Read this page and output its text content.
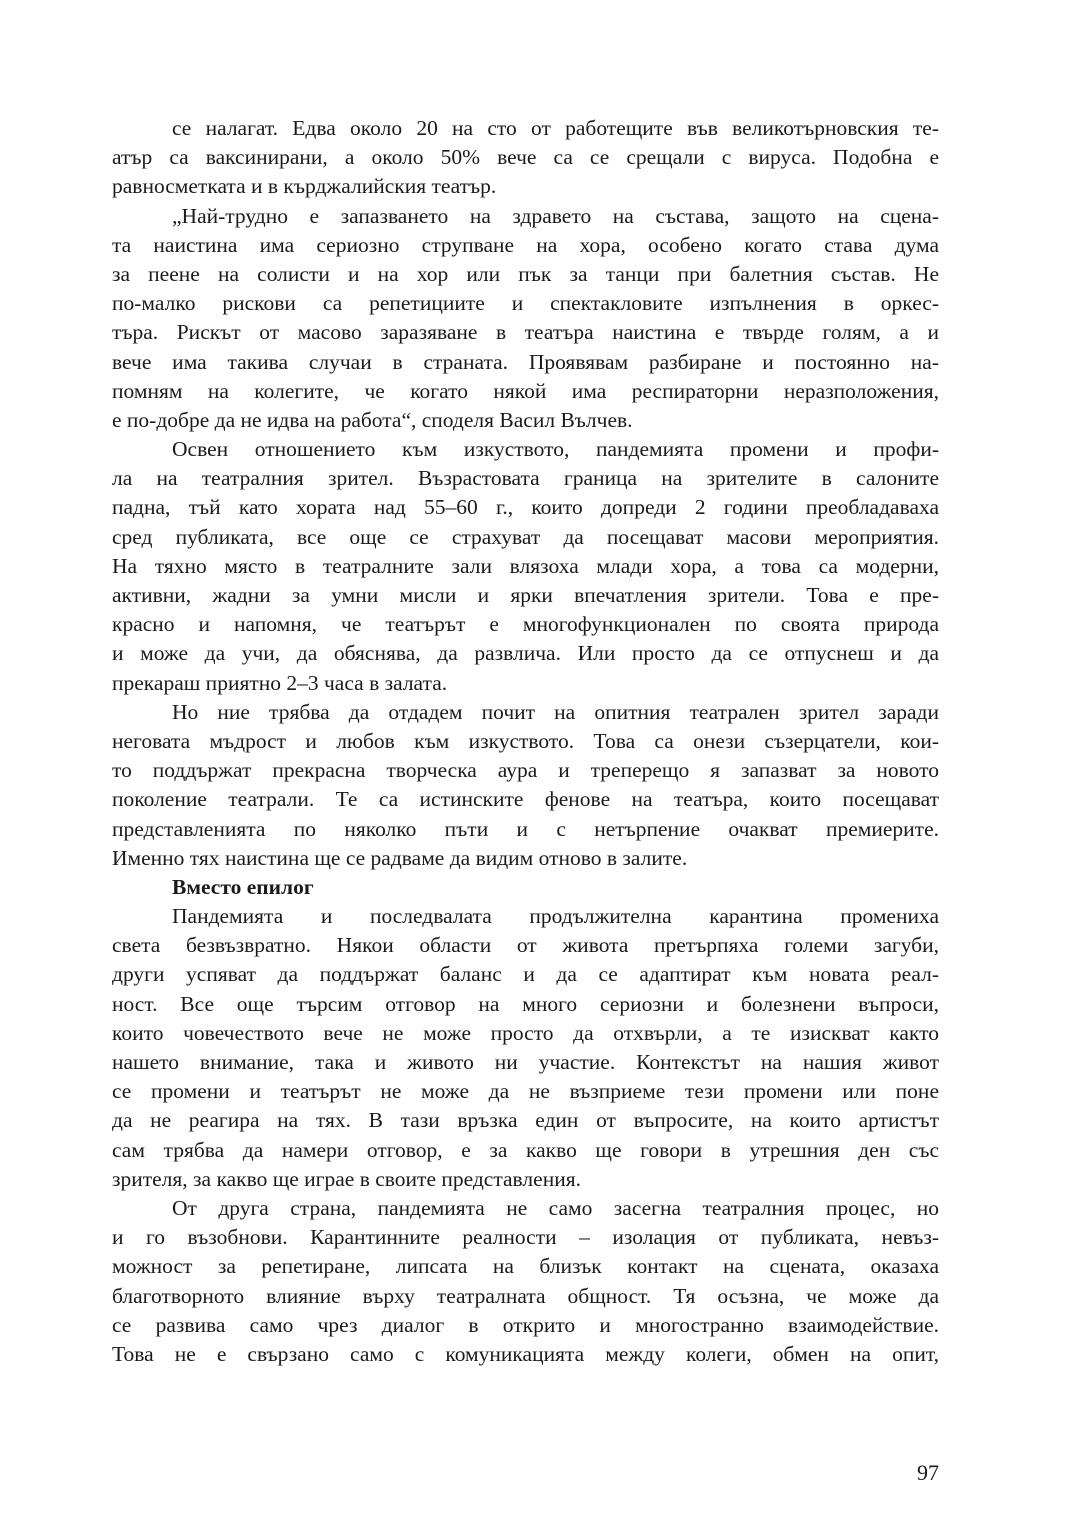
се налагат. Едва около 20 на сто от работещите във великотърновския те-
атър са ваксинирани, а около 50% вече са се срещали с вируса. Подобна е
равносметката и в кърджалийския театър.
„Най-трудно е запазването на здравето на състава, защото на сцена-
та наистина има сериозно струпване на хора, особено когато става дума
за пеене на солисти и на хор или пък за танци при балетния състав. Не
по-малко рискови са репетициите и спектакловите изпълнения в оркес-
търа. Рискът от масово заразяване в театъра наистина е твърде голям, а и
вече има такива случаи в страната. Проявявам разбиране и постоянно на-
помням на колегите, че когато някой има респираторни неразположения,
е по-добре да не идва на работа“, споделя Васил Вълчев.
Освен отношението към изкуството, пандемията промени и профи-
ла на театралния зрител. Възрастовата граница на зрителите в салоните
падна, тъй като хората над 55–60 г., които допреди 2 години преобладаваха
сред публиката, все още се страхуват да посещават масови мероприятия.
На тяхно място в театралните зали влязоха млади хора, а това са модерни,
активни, жадни за умни мисли и ярки впечатления зрители. Това е пре-
красно и напомня, че театърът е многофункционален по своята природа
и може да учи, да обяснява, да развлича. Или просто да се отпуснеш и да
прекараш приятно 2–3 часа в залата.
Но ние трябва да отдадем почит на опитния театрален зрител заради
неговата мъдрост и любов към изкуството. Това са онези съзерцатели, кои-
то поддържат прекрасна творческа аура и треперещо я запазват за новото
поколение театрали. Те са истинските фенове на театъра, които посещават
представленията по няколко пъти и с нетърпение очакват премиерите.
Именно тях наистина ще се радваме да видим отново в залите.
Вместо епилог
Пандемията и последвалата продължителна карантина промениха
света безвъзвратно. Някои области от живота претърпяха големи загуби,
други успяват да поддържат баланс и да се адаптират към новата реал-
ност. Все още търсим отговор на много сериозни и болезнени въпроси,
които човечеството вече не може просто да отхвърли, а те изискват както
нашето внимание, така и живото ни участие. Контекстът на нашия живот
се промени и театърът не може да не възприеме тези промени или поне
да не реагира на тях. В тази връзка един от въпросите, на които артистът
сам трябва да намери отговор, е за какво ще говори в утрешния ден със
зрителя, за какво ще играе в своите представления.
От друга страна, пандемията не само засегна театралния процес, но
и го възобнови. Карантинните реалности – изолация от публиката, невъз-
можност за репетиране, липсата на близък контакт на сцената, оказаха
благотворното влияние върху театралната общност. Тя осъзна, че може да
се развива само чрез диалог в открито и многостранно взаимодействие.
Това не е свързано само с комуникацията между колеги, обмен на опит,
97
